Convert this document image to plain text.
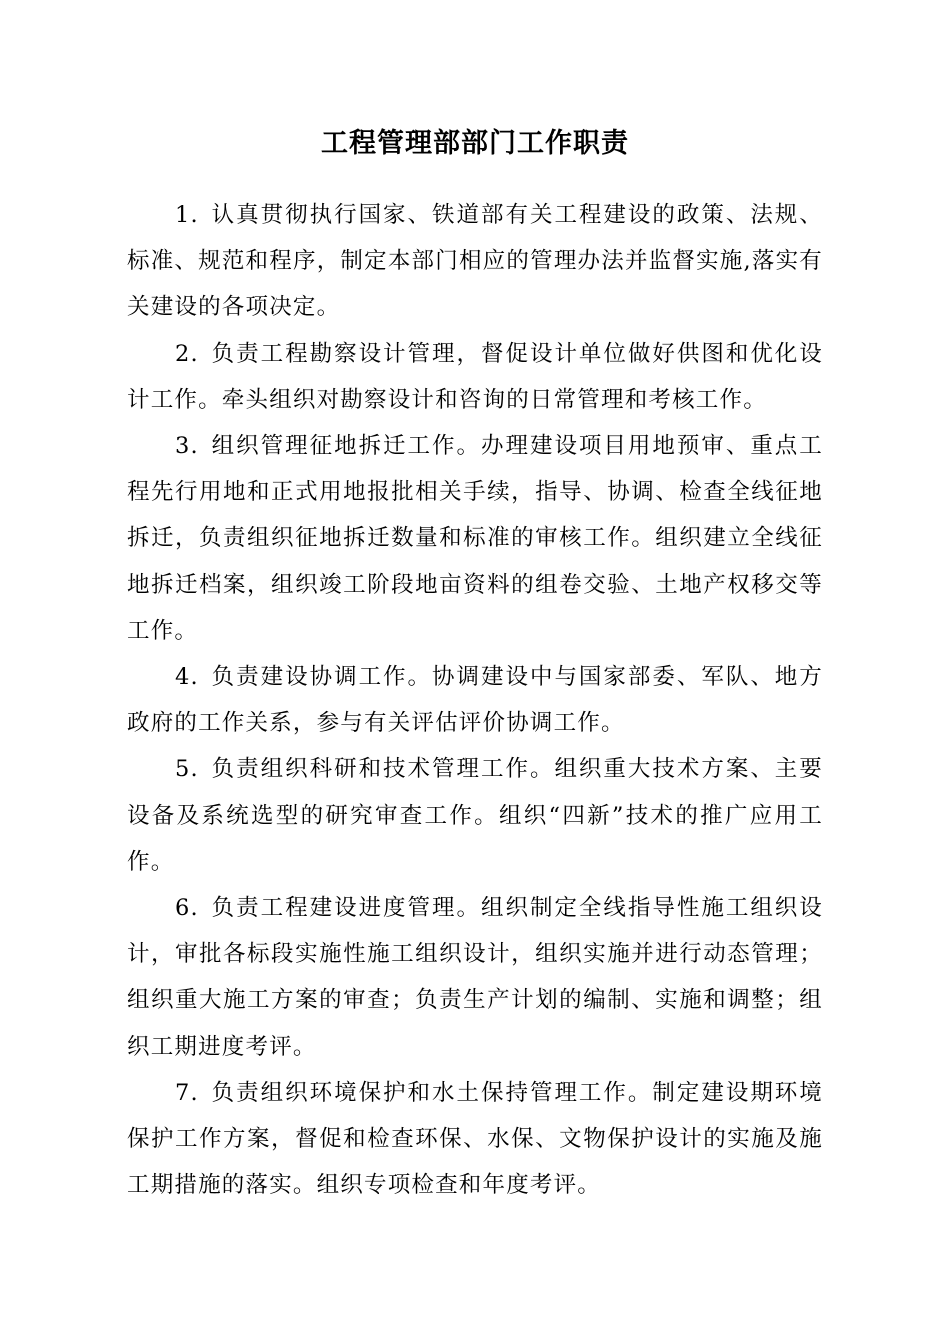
工程管理部部门工作职责

1. 认真贯彻执行国家、铁道部有关工程建设的政策、法规、标准、规范和程序，制定本部门相应的管理办法并监督实施,落实有关建设的各项决定。

2. 负责工程勘察设计管理，督促设计单位做好供图和优化设计工作。牵头组织对勘察设计和咨询的日常管理和考核工作。

3. 组织管理征地拆迁工作。办理建设项目用地预审、重点工程先行用地和正式用地报批相关手续，指导、协调、检查全线征地拆迁，负责组织征地拆迁数量和标准的审核工作。组织建立全线征地拆迁档案，组织竣工阶段地亩资料的组卷交验、土地产权移交等工作。

4. 负责建设协调工作。协调建设中与国家部委、军队、地方政府的工作关系，参与有关评估评价协调工作。

5. 负责组织科研和技术管理工作。组织重大技术方案、主要设备及系统选型的研究审查工作。组织“四新”技术的推广应用工作。

6. 负责工程建设进度管理。组织制定全线指导性施工组织设计，审批各标段实施性施工组织设计，组织实施并进行动态管理；组织重大施工方案的审查；负责生产计划的编制、实施和调整；组织工期进度考评。

7. 负责组织环境保护和水土保持管理工作。制定建设期环境保护工作方案，督促和检查环保、水保、文物保护设计的实施及施工期措施的落实。组织专项检查和年度考评。
